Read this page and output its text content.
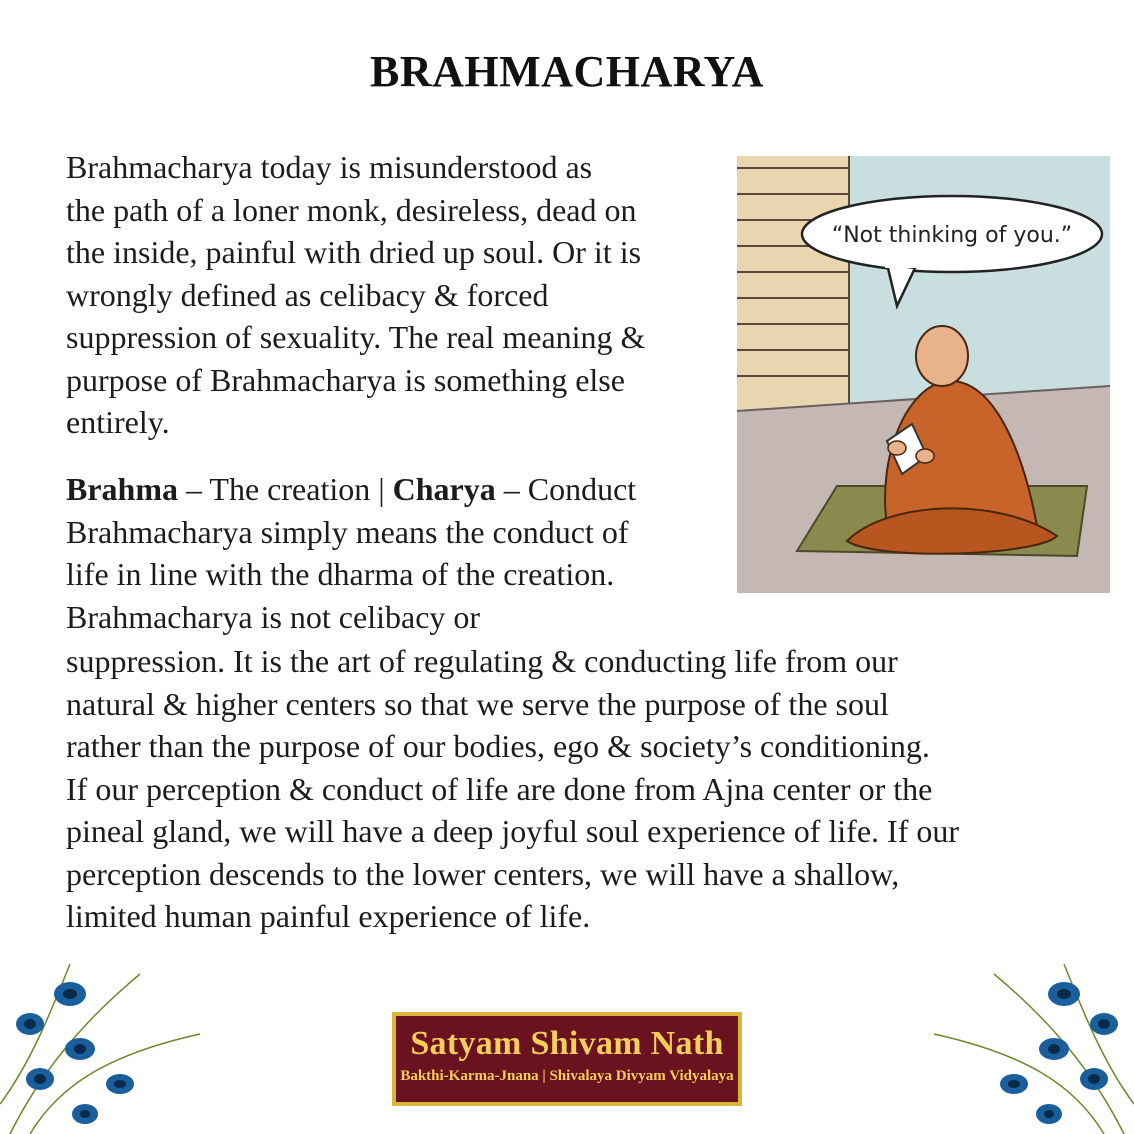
BRAHMACHARYA
Brahmacharya today is misunderstood as
the path of a loner monk, desireless, dead on
the inside, painful with dried up soul. Or it is
wrongly defined as celibacy & forced
suppression of sexuality. The real meaning &
purpose of Brahmacharya is something else
entirely.
Brahma – The creation | Charya – Conduct
Brahmacharya simply means the conduct of
life in line with the dharma of the creation.
Brahmacharya is not celibacy or
suppression. It is the art of regulating & conducting life from our
natural & higher centers so that we serve the purpose of the soul
rather than the purpose of our bodies, ego & society’s conditioning.
If our perception & conduct of life are done from Ajna center or the
pineal gland, we will have a deep joyful soul experience of life. If our
perception descends to the lower centers, we will have a shallow,
limited human painful experience of life.
“Not thinking of you.”
Satyam Shivam Nath
Bakthi-Karma-Jnana | Shivalaya Divyam Vidyalaya
